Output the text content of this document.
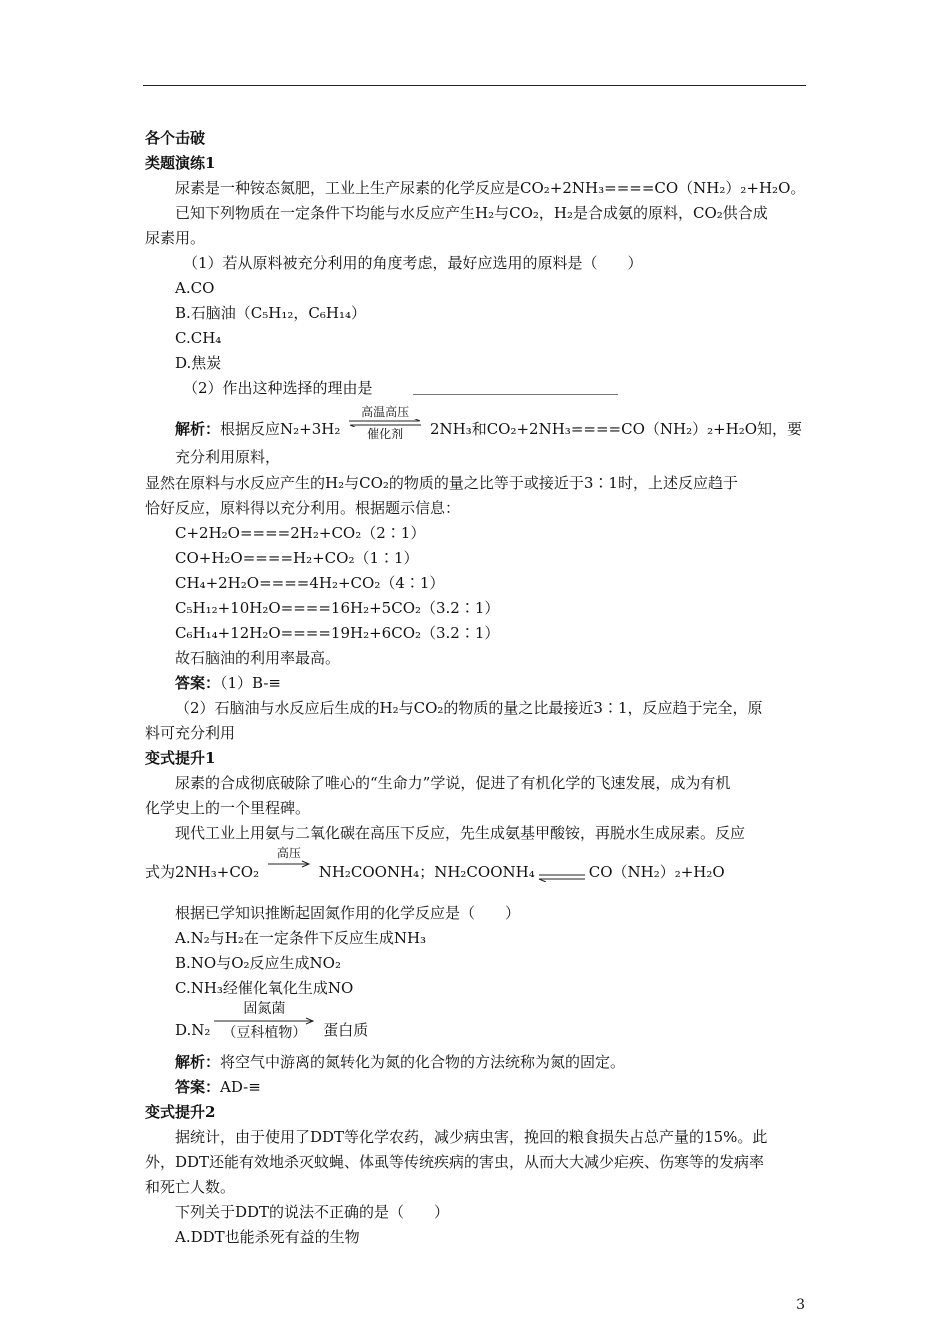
各个击破

类题演练1

尿素是一种铵态氮肥，工业上生产尿素的化学反应是CO₂+2NH₃====CO（NH₂）₂+H₂O。

已知下列物质在一定条件下均能与水反应产生H₂与CO₂，H₂是合成氨的原料，CO₂供合成

尿素用。

（1）若从原料被充分利用的角度考虑，最好应选用的原料是（　　）

A.CO

B.石脑油（C₅H₁₂，C₆H₁₄）

C.CH₄

D.焦炭

（2）作出这种选择的理由是

解析：根据反应N₂+3H₂
高温高压
催化剂	2NH₃和CO₂+2NH₃====CO（NH₂）₂+H₂O知，要充分利用原料，

显然在原料与水反应产生的H₂与CO₂的物质的量之比等于或接近于3∶1时，上述反应趋于

恰好反应，原料得以充分利用。根据题示信息：

C+2H₂O====2H₂+CO₂（2∶1）

CO+H₂O====H₂+CO₂（1∶1）

CH₄+2H₂O====4H₂+CO₂（4∶1）

C₅H₁₂+10H₂O====16H₂+5CO₂（3.2∶1）

C₆H₁₄+12H₂O====19H₂+6CO₂（3.2∶1）

故石脑油的利用率最高。

答案：（1）B-≡

（2）石脑油与水反应后生成的H₂与CO₂的物质的量之比最接近3∶1，反应趋于完全，原

料可充分利用

变式提升1

尿素的合成彻底破除了唯心的“生命力”学说，促进了有机化学的飞速发展，成为有机

化学史上的一个里程碑。

现代工业上用氨与二氧化碳在高压下反应，先生成氨基甲酸铵，再脱水生成尿素。反应

式为2NH₃+CO₂
高压

NH₂COONH₄；NH₂COONH₄	CO（NH₂）₂+H₂O

根据已学知识推断起固氮作用的化学反应是（　　）

A.N₂与H₂在一定条件下反应生成NH₃

B.NO与O₂反应生成NO₂

C.NH₃经催化氧化生成NO

D.N₂
固氮菌
（豆科植物）	蛋白质

解析：将空气中游离的氮转化为氮的化合物的方法统称为氮的固定。

答案：AD-≡

变式提升2

据统计，由于使用了DDT等化学农药，减少病虫害，挽回的粮食损失占总产量的15%。此

外，DDT还能有效地杀灭蚊蝇、体虱等传统疾病的害虫，从而大大减少疟疾、伤寒等的发病率

和死亡人数。

下列关于DDT的说法不正确的是（　　）

A.DDT也能杀死有益的生物

3
